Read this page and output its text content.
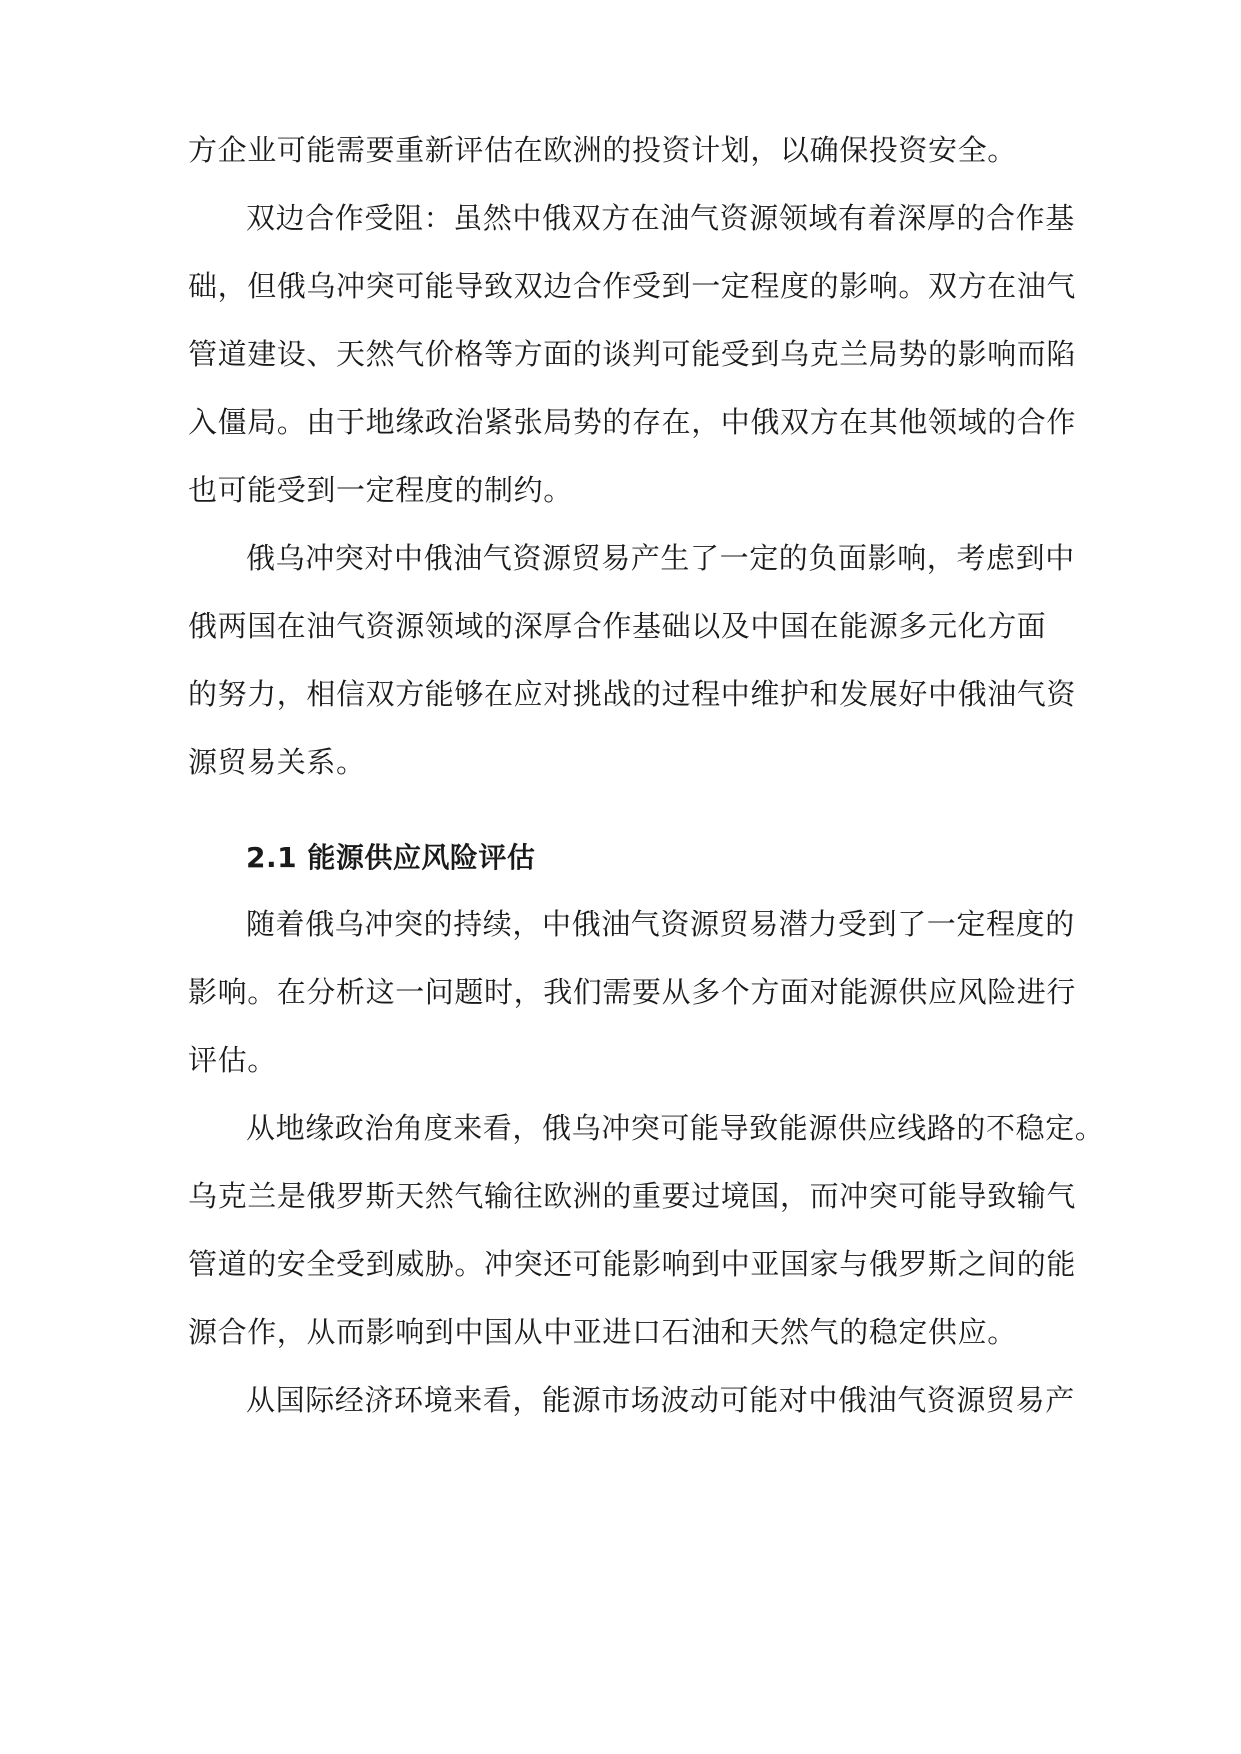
方企业可能需要重新评估在欧洲的投资计划，以确保投资安全。
双边合作受阻：虽然中俄双方在油气资源领域有着深厚的合作基
础，但俄乌冲突可能导致双边合作受到一定程度的影响。双方在油气
管道建设、天然气价格等方面的谈判可能受到乌克兰局势的影响而陷
入僵局。由于地缘政治紧张局势的存在，中俄双方在其他领域的合作
也可能受到一定程度的制约。
俄乌冲突对中俄油气资源贸易产生了一定的负面影响，考虑到中
俄两国在油气资源领域的深厚合作基础以及中国在能源多元化方面
的努力，相信双方能够在应对挑战的过程中维护和发展好中俄油气资
源贸易关系。
2.1 能源供应风险评估
随着俄乌冲突的持续，中俄油气资源贸易潜力受到了一定程度的
影响。在分析这一问题时，我们需要从多个方面对能源供应风险进行
评估。
从地缘政治角度来看，俄乌冲突可能导致能源供应线路的不稳定。
乌克兰是俄罗斯天然气输往欧洲的重要过境国，而冲突可能导致输气
管道的安全受到威胁。冲突还可能影响到中亚国家与俄罗斯之间的能
源合作，从而影响到中国从中亚进口石油和天然气的稳定供应。
从国际经济环境来看，能源市场波动可能对中俄油气资源贸易产
